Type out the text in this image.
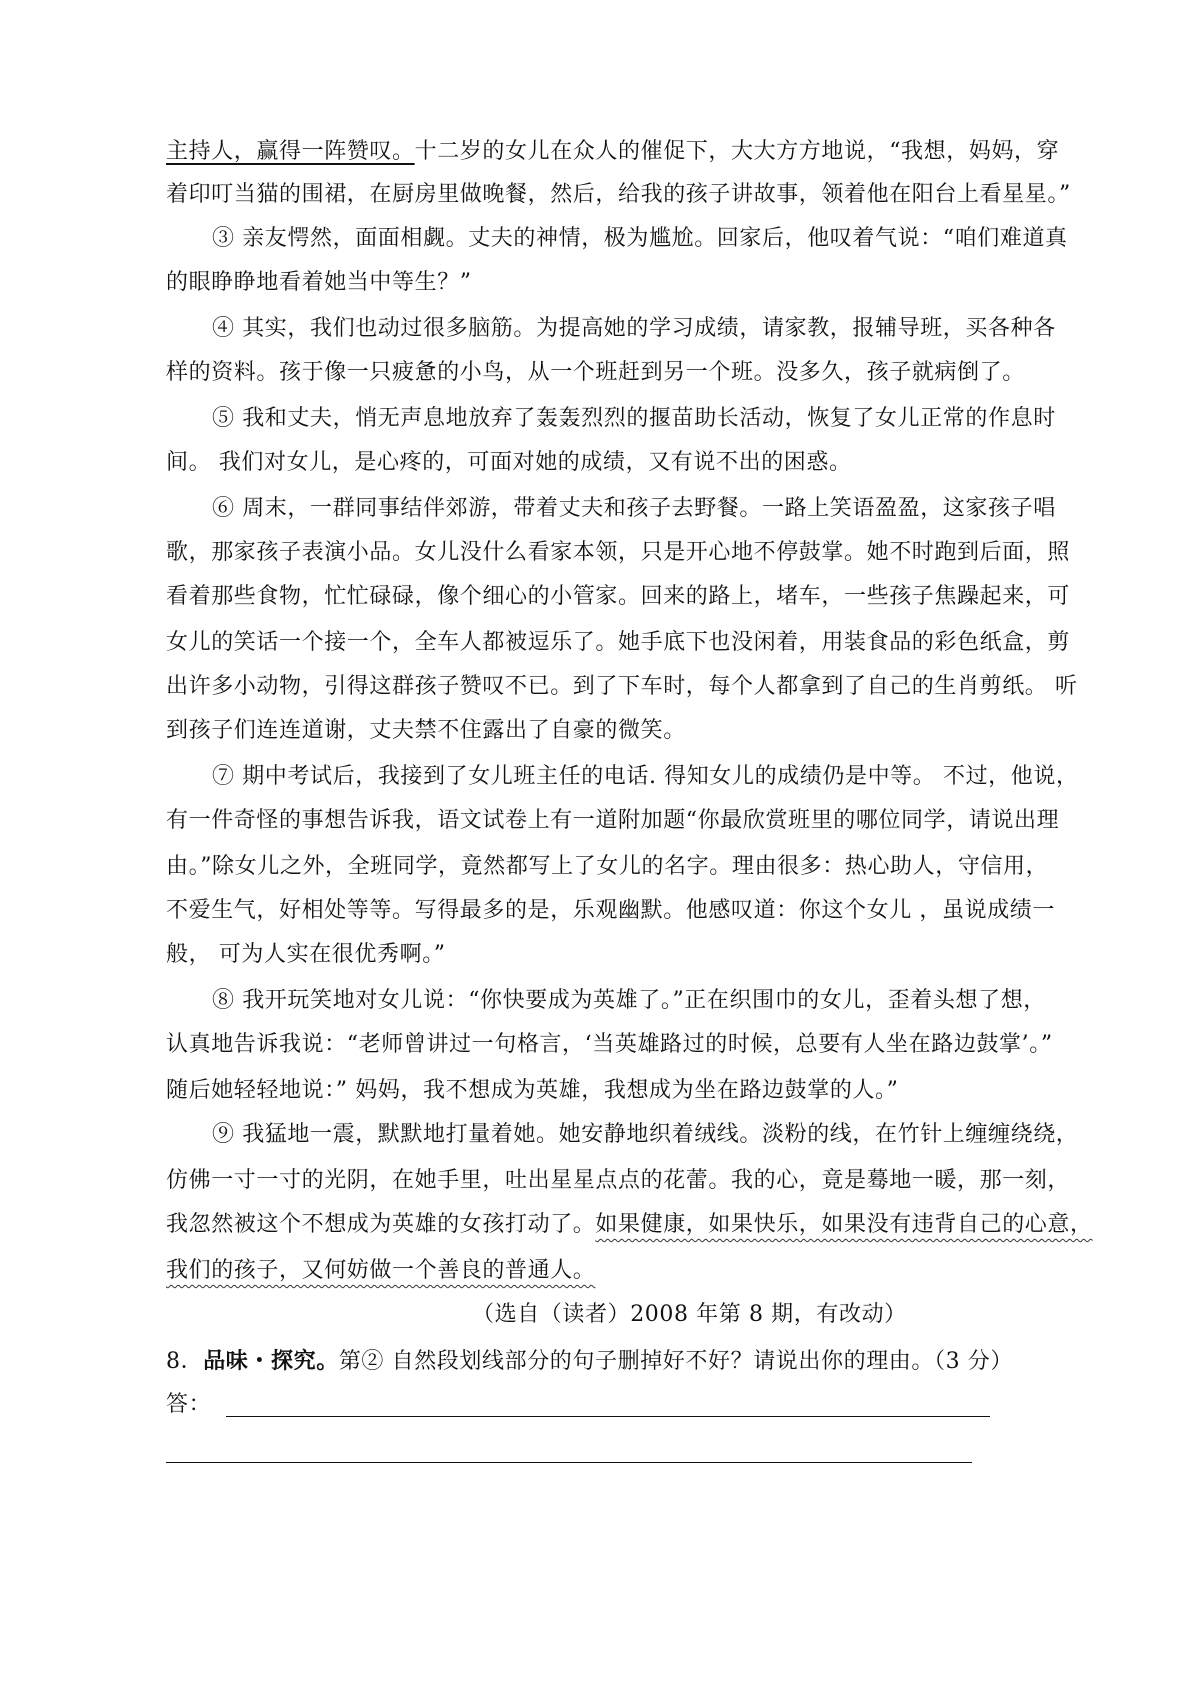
主持人，赢得一阵赞叹。十二岁的女儿在众人的催促下，大大方方地说，“我想，妈妈，穿
着印叮当猫的围裙，在厨房里做晚餐，然后，给我的孩子讲故事，领着他在阳台上看星星。”
③ 亲友愕然，面面相觑。丈夫的神情，极为尴尬。回家后，他叹着气说：“咱们难道真
的眼睁睁地看着她当中等生？”
④ 其实，我们也动过很多脑筋。为提高她的学习成绩，请家教，报辅导班，买各种各
样的资料。孩于像一只疲惫的小鸟，从一个班赶到另一个班。没多久，孩子就病倒了。
⑤ 我和丈夫，悄无声息地放弃了轰轰烈烈的揠苗助长活动，恢复了女儿正常的作息时
间。 我们对女儿，是心疼的，可面对她的成绩，又有说不出的困惑。
⑥ 周末，一群同事结伴郊游，带着丈夫和孩子去野餐。一路上笑语盈盈，这家孩子唱
歌，那家孩子表演小品。女儿没什么看家本领，只是开心地不停鼓掌。她不时跑到后面，照
看着那些食物，忙忙碌碌，像个细心的小管家。回来的路上，堵车，一些孩子焦躁起来，可
女儿的笑话一个接一个，全车人都被逗乐了。她手底下也没闲着，用装食品的彩色纸盒，剪
出许多小动物，引得这群孩子赞叹不已。到了下车时，每个人都拿到了自己的生肖剪纸。 听
到孩子们连连道谢，丈夫禁不住露出了自豪的微笑。
⑦ 期中考试后，我接到了女儿班主任的电话. 得知女儿的成绩仍是中等。 不过，他说，
有一件奇怪的事想告诉我，语文试卷上有一道附加题“你最欣赏班里的哪位同学，请说出理
由。”除女儿之外，全班同学，竟然都写上了女儿的名字。理由很多：热心助人，守信用，
不爱生气，好相处等等。写得最多的是，乐观幽默。他感叹道：你这个女儿 ，虽说成绩一
般， 可为人实在很优秀啊。”
⑧ 我开玩笑地对女儿说：“你快要成为英雄了。”正在织围巾的女儿，歪着头想了想，
认真地告诉我说：“老师曾讲过一句格言，‘当英雄路过的时候，总要有人坐在路边鼓掌’。”
随后她轻轻地说：” 妈妈，我不想成为英雄，我想成为坐在路边鼓掌的人。”
⑨ 我猛地一震，默默地打量着她。她安静地织着绒线。淡粉的线，在竹针上缠缠绕绕，
仿佛一寸一寸的光阴，在她手里，吐出星星点点的花蕾。我的心，竟是蓦地一暖，那一刻，
我忽然被这个不想成为英雄的女孩打动了。如果健康，如果快乐，如果没有违背自己的心意，
我们的孩子，又何妨做一个善良的普通人。
（选自（读者）2008 年第 8 期，有改动）
8．品味・探究。第② 自然段划线部分的句子删掉好不好？请说出你的理由。（3 分）
答：
